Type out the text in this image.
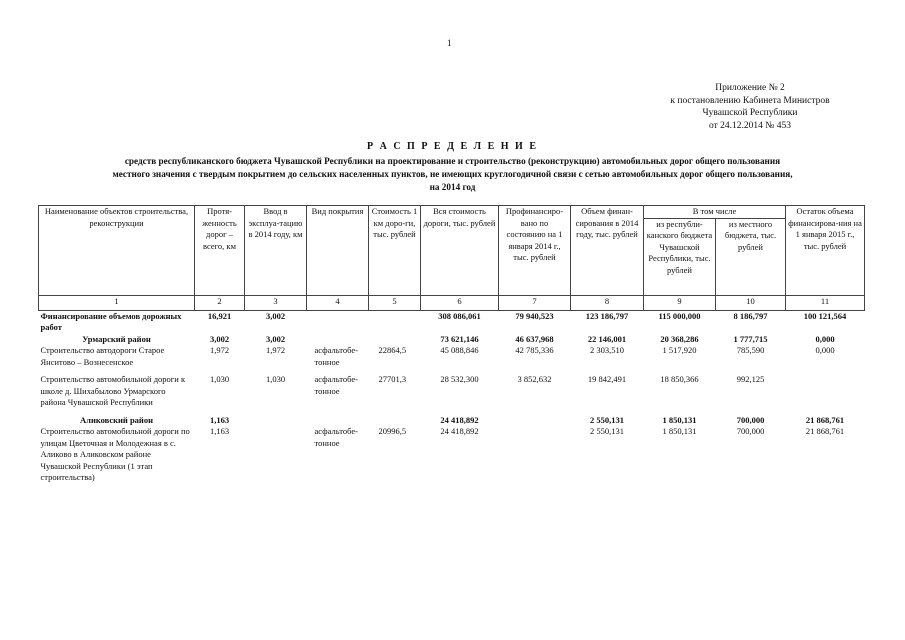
1
Приложение № 2
к постановлению Кабинета Министров
Чувашской Республики
от 24.12.2014 № 453
Р А С П Р Е Д Е Л Е Н И Е
средств республиканского бюджета Чувашской Республики на проектирование и строительство (реконструкцию) автомобильных дорог общего пользования
местного значения с твердым покрытием до сельских населенных пунктов, не имеющих круглогодичной связи с сетью автомобильных дорог общего пользования,
на 2014 год
Наименование объектов строительства, реконструкции	Протя-женность дорог – всего, км	Ввод в эксплуа-тацию в 2014 году, км	Вид покрытия	Стоимость 1 км доро-ги, тыс. рублей	Вся стоимость дороги, тыс. рублей	Профинансиро-вано по состоянию на 1 января 2014 г., тыс. рублей	Объем финан-сирования в 2014 году, тыс. рублей	В том числе		Остаток объема финансирова-ния на 1 января 2015 г., тыс. рублей
								из республи-канского бюджета Чувашской Республики, тыс. рублей	из местного бюджета, тыс. рублей	
1	2	3	4	5	6	7	8	9	10	11
Финансирование объемов дорожных работ	16,921	3,002			308 086,061	79 940,523	123 186,797	115 000,000	8 186,797	100 121,564
Урмарский район	3,002	3,002			73 621,146	46 637,968	22 146,001	20 368,286	1 777,715	0,000
Строительство автодороги Старое Янситово – Вознесенское	1,972	1,972	асфальтобе-тонное	22864,5	45 088,846	42 785,336	2 303,510	1 517,920	785,590	0,000

Строительство автомобильной дороги к школе д. Шихабылово Урмарского района Чувашской Республики	1,030	1,030	асфальтобе-тонное	27701,3	28 532,300	3 852,632	19 842,491	18 850,366	992,125	

Аликовский район	1,163				24 418,892		2 550,131	1 850,131	700,000	21 868,761
Строительство автомобильной дороги по улицам Цветочная и Молодежная в с. Аликово в Аликовском районе Чувашской Республики (1 этап строительства)	1,163		асфальтобе-тонное	20996,5	24 418,892		2 550,131	1 850,131	700,000	21 868,761
